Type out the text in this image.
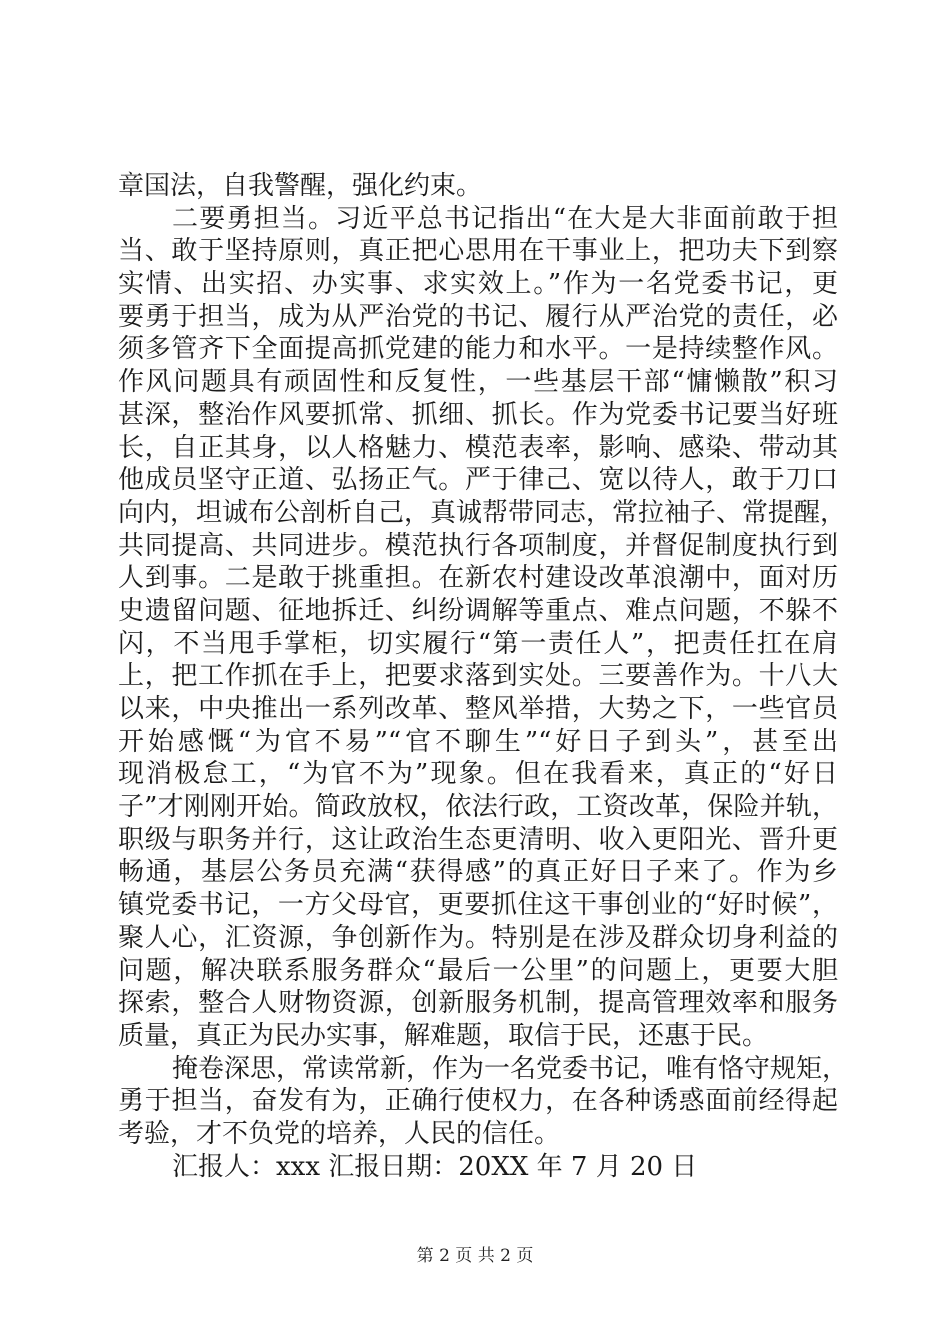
章国法，自我警醒，强化约束。
二要勇担当。习近平总书记指出“在大是大非面前敢于担
当、敢于坚持原则，真正把心思用在干事业上，把功夫下到察
实情、出实招、办实事、求实效上。”作为一名党委书记，更
要勇于担当，成为从严治党的书记、履行从严治党的责任，必
须多管齐下全面提高抓党建的能力和水平。一是持续整作风。
作风问题具有顽固性和反复性，一些基层干部“慵懒散”积习
甚深，整治作风要抓常、抓细、抓长。作为党委书记要当好班
长，自正其身，以人格魅力、模范表率，影响、感染、带动其
他成员坚守正道、弘扬正气。严于律己、宽以待人，敢于刀口
向内，坦诚布公剖析自己，真诚帮带同志，常拉袖子、常提醒，
共同提高、共同进步。模范执行各项制度，并督促制度执行到
人到事。二是敢于挑重担。在新农村建设改革浪潮中，面对历
史遗留问题、征地拆迁、纠纷调解等重点、难点问题，不躲不
闪，不当甩手掌柜，切实履行“第一责任人”，把责任扛在肩
上，把工作抓在手上，把要求落到实处。三要善作为。十八大
以来，中央推出一系列改革、整风举措，大势之下，一些官员
开始感慨“为官不易”“官不聊生”“好日子到头”，甚至出
现消极怠工，“为官不为”现象。但在我看来，真正的“好日
子”才刚刚开始。简政放权，依法行政，工资改革，保险并轨，
职级与职务并行，这让政治生态更清明、收入更阳光、晋升更
畅通，基层公务员充满“获得感”的真正好日子来了。作为乡
镇党委书记，一方父母官，更要抓住这干事创业的“好时候”，
聚人心，汇资源，争创新作为。特别是在涉及群众切身利益的
问题，解决联系服务群众“最后一公里”的问题上，更要大胆
探索，整合人财物资源，创新服务机制，提高管理效率和服务
质量，真正为民办实事，解难题，取信于民，还惠于民。
掩卷深思，常读常新，作为一名党委书记，唯有恪守规矩，
勇于担当，奋发有为，正确行使权力，在各种诱惑面前经得起
考验，才不负党的培养，人民的信任。
汇报人：xxx 汇报日期：20XX 年 7 月 20 日
第 2 页 共 2 页
